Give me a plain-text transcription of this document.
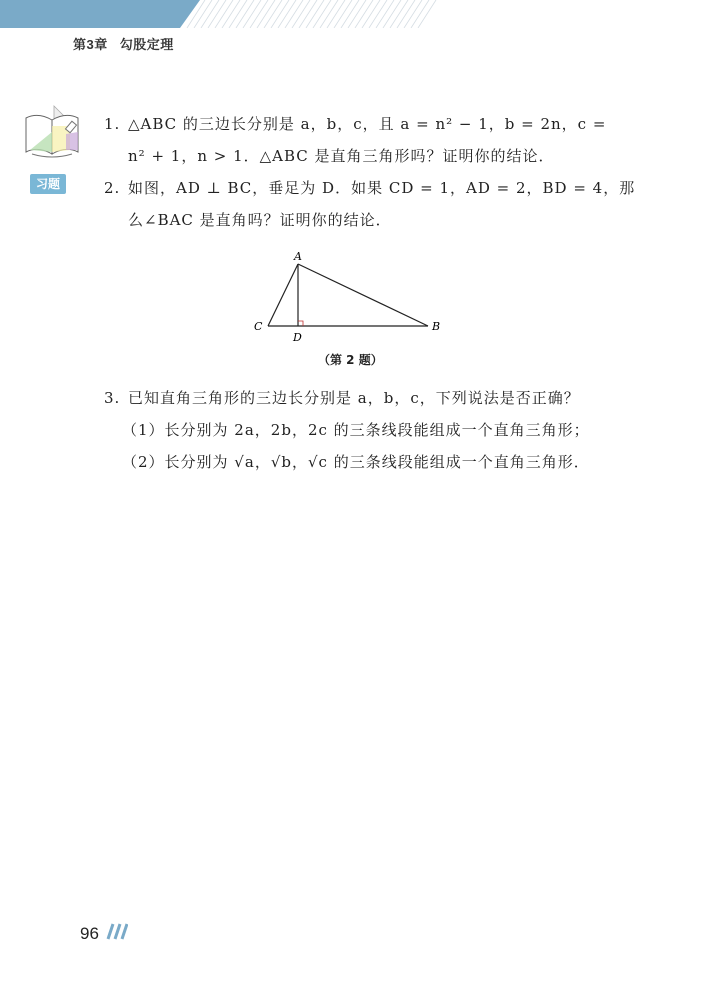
第3章 勾股定理
习题
1. △ABC 的三边长分别是 a，b，c，且 a = n² − 1，b = 2n，c =
n² + 1，n > 1．△ABC 是直角三角形吗？证明你的结论．
2. 如图，AD ⊥ BC，垂足为 D．如果 CD = 1，AD = 2，BD = 4，那
么∠BAC 是直角吗？证明你的结论．
A
C
D
B
（第 2 题）
3. 已知直角三角形的三边长分别是 a，b，c，下列说法是否正确？
（1）长分别为 2a，2b，2c 的三条线段能组成一个直角三角形；
（2）长分别为 √a，√b，√c 的三条线段能组成一个直角三角形．
96
